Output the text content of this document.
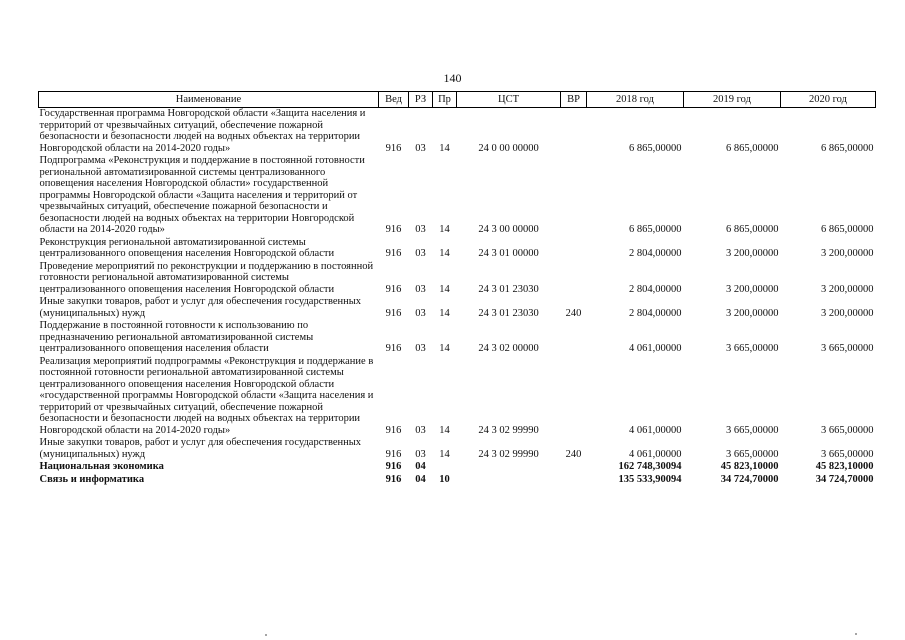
140
Наименование	Вед	РЗ	Пр	ЦСТ	ВР	2018 год	2019 год	2020 год
Государственная программа Новгородской области «Защита населения и территорий от чрезвычайных ситуаций, обеспечение пожарной безопасности и безопасности людей на водных объектах на территории Новгородской области на 2014-2020 годы»	916	03	14	24 0 00 00000		6 865,00000	6 865,00000	6 865,00000
Подпрограмма «Реконструкция и поддержание в постоянной готовности региональной автоматизированной системы централизованного оповещения населения Новгородской области» государственной программы Новгородской области «Защита населения и территорий от чрезвычайных ситуаций, обеспечение пожарной безопасности и безопасности людей на водных объектах на территории Новгородской области на 2014-2020 годы»	916	03	14	24 3 00 00000		6 865,00000	6 865,00000	6 865,00000
Реконструкция региональной автоматизированной системы централизованного оповещения населения Новгородской области	916	03	14	24 3 01 00000		2 804,00000	3 200,00000	3 200,00000
Проведение мероприятий по реконструкции и поддержанию в постоянной готовности региональной автоматизированной системы централизованного оповещения населения Новгородской области	916	03	14	24 3 01 23030		2 804,00000	3 200,00000	3 200,00000
Иные закупки товаров, работ и услуг для обеспечения государственных (муниципальных) нужд	916	03	14	24 3 01 23030	240	2 804,00000	3 200,00000	3 200,00000
Поддержание в постоянной готовности к использованию по предназначению региональной автоматизированной системы централизованного оповещения населения области	916	03	14	24 3 02 00000		4 061,00000	3 665,00000	3 665,00000
Реализация мероприятий подпрограммы «Реконструкция и поддержание в постоянной готовности региональной автоматизированной системы централизованного оповещения населения Новгородской области «государственной программы Новгородской области «Защита населения и территорий от чрезвычайных ситуаций, обеспечение пожарной безопасности и безопасности людей на водных объектах на территории Новгородской области на 2014-2020 годы»	916	03	14	24 3 02 99990		4 061,00000	3 665,00000	3 665,00000
Иные закупки товаров, работ и услуг для обеспечения государственных (муниципальных) нужд	916	03	14	24 3 02 99990	240	4 061,00000	3 665,00000	3 665,00000
Национальная экономика	916	04				162 748,30094	45 823,10000	45 823,10000
Связь и информатика	916	04	10			135 533,90094	34 724,70000	34 724,70000
